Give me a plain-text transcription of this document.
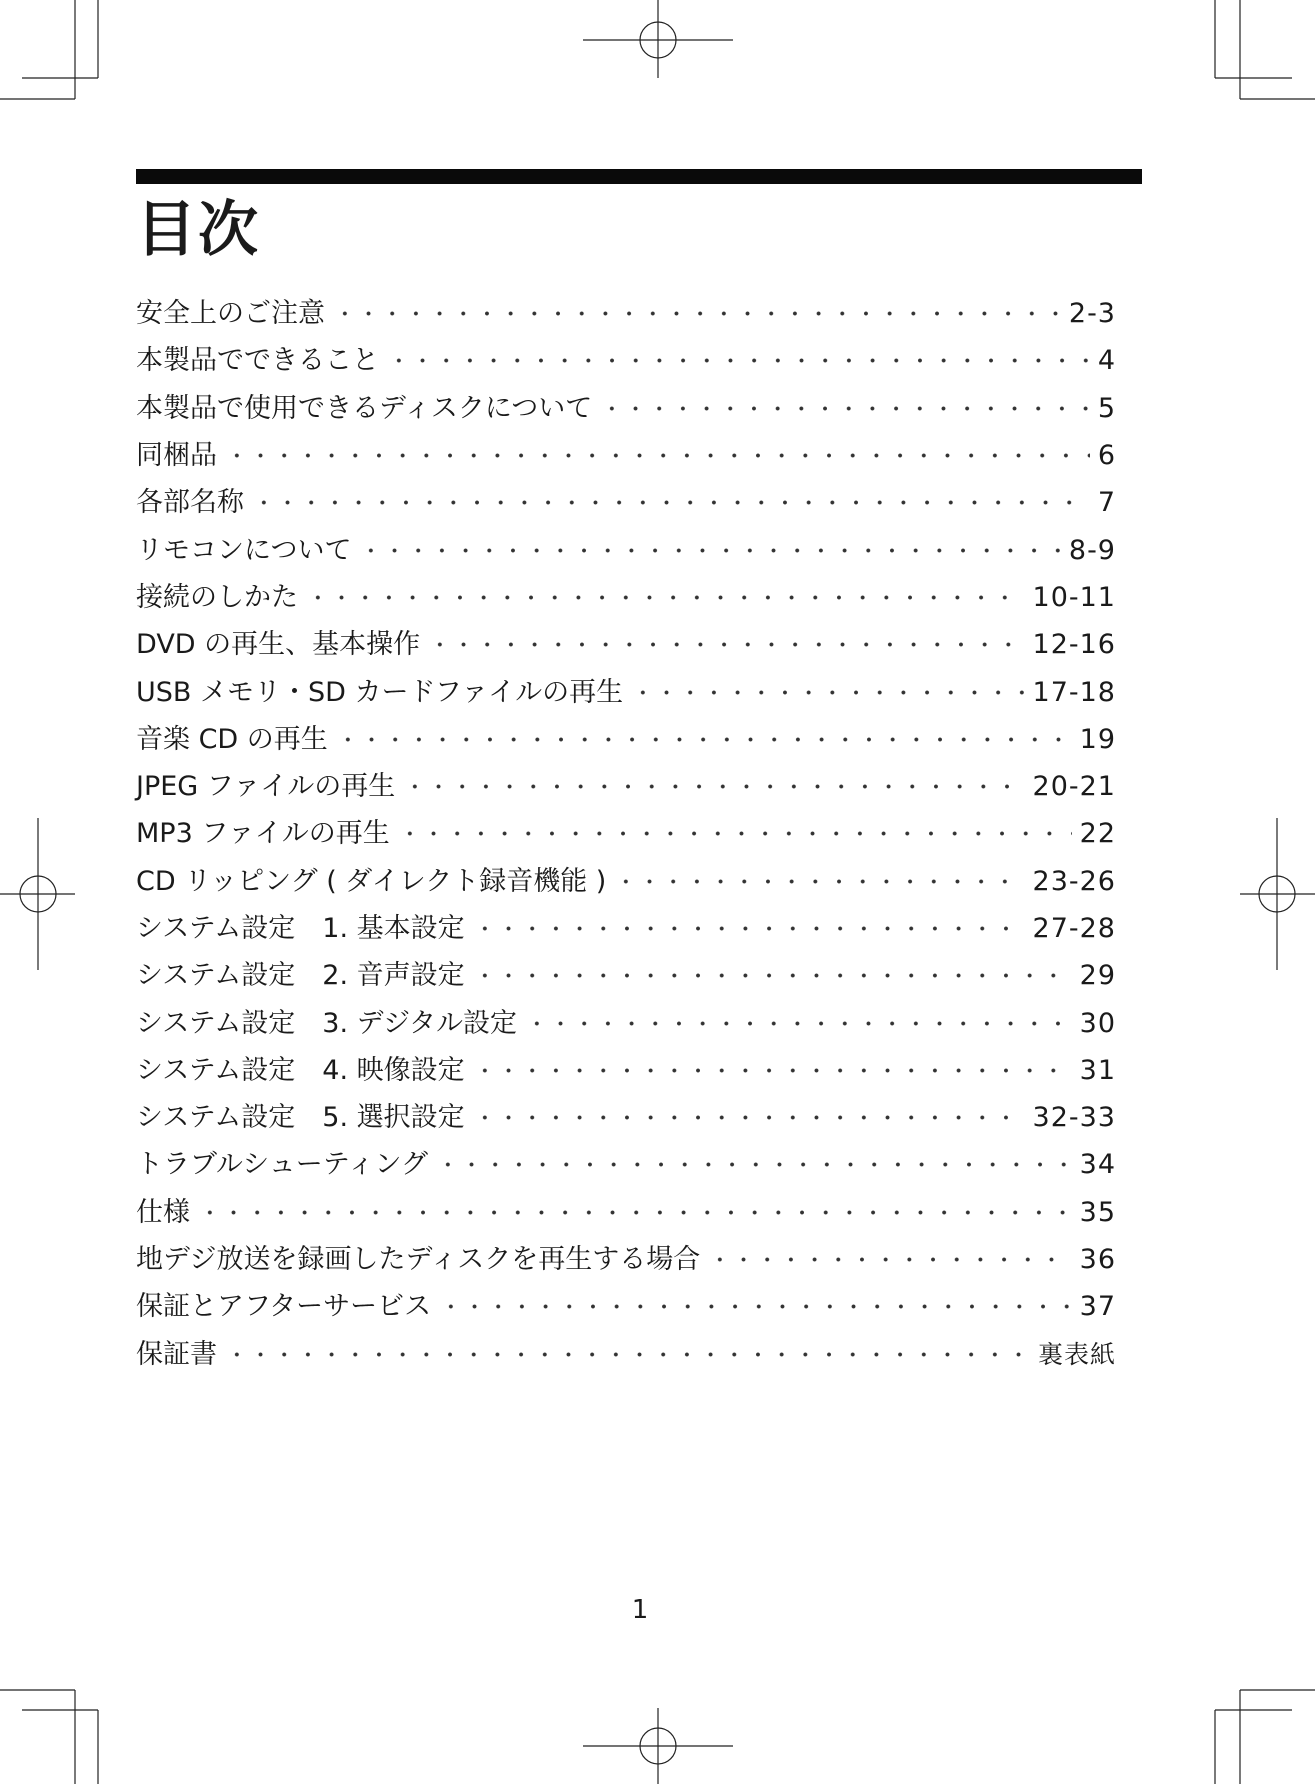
目次
安全上のご注意	2-3
本製品でできること	4
本製品で使用できるディスクについて	5
同梱品	6
各部名称	7
リモコンについて	8-9
接続のしかた	10-11
DVD の再生、基本操作	12-16
USB メモリ・SD カードファイルの再生	17-18
音楽 CD の再生	19
JPEG ファイルの再生	20-21
MP3 ファイルの再生	22
CD リッピング ( ダイレクト録音機能 )	23-26
システム設定　1. 基本設定	27-28
システム設定　2. 音声設定	29
システム設定　3. デジタル設定	30
システム設定　4. 映像設定	31
システム設定　5. 選択設定	32-33
トラブルシューティング	34
仕様	35
地デジ放送を録画したディスクを再生する場合	36
保証とアフターサービス	37
保証書	裏表紙
1
